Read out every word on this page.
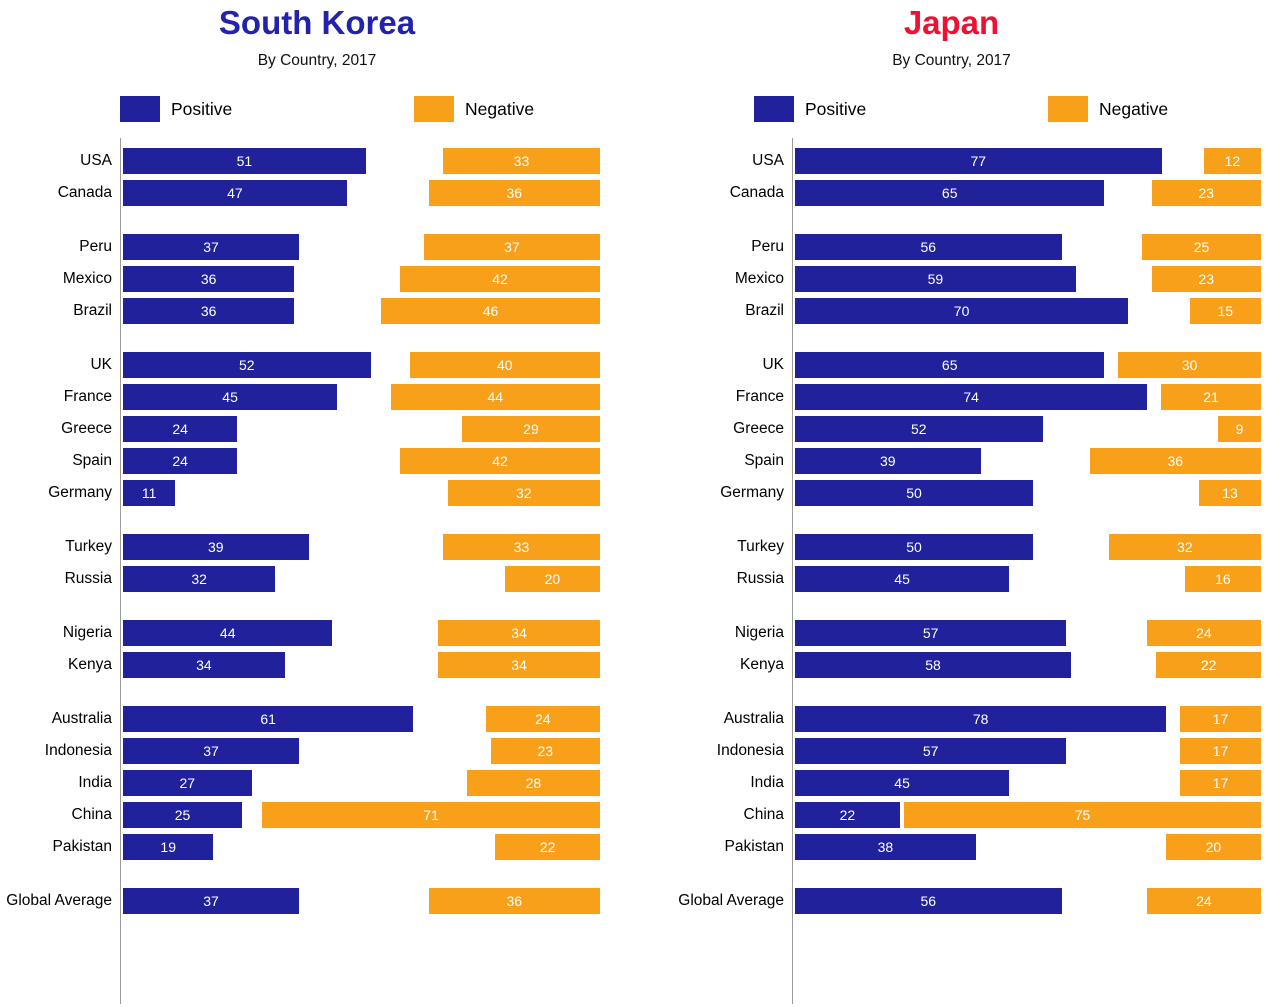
South Korea
By Country, 2017
Positive	Negative
USA	51	33
Canada	47	36
Peru	37	37
Mexico	36	42
Brazil	36	46
UK	52	40
France	45	44
Greece	24	29
Spain	24	42
Germany	11	32
Turkey	39	33
Russia	32	20
Nigeria	44	34
Kenya	34	34
Australia	61	24
Indonesia	37	23
India	27	28
China	25	71
Pakistan	19	22
Global Average	37	36
Japan
By Country, 2017
Positive	Negative
USA	77	12
Canada	65	23
Peru	56	25
Mexico	59	23
Brazil	70	15
UK	65	30
France	74	21
Greece	52	9
Spain	39	36
Germany	50	13
Turkey	50	32
Russia	45	16
Nigeria	57	24
Kenya	58	22
Australia	78	17
Indonesia	57	17
India	45	17
China	22	75
Pakistan	38	20
Global Average	56	24
